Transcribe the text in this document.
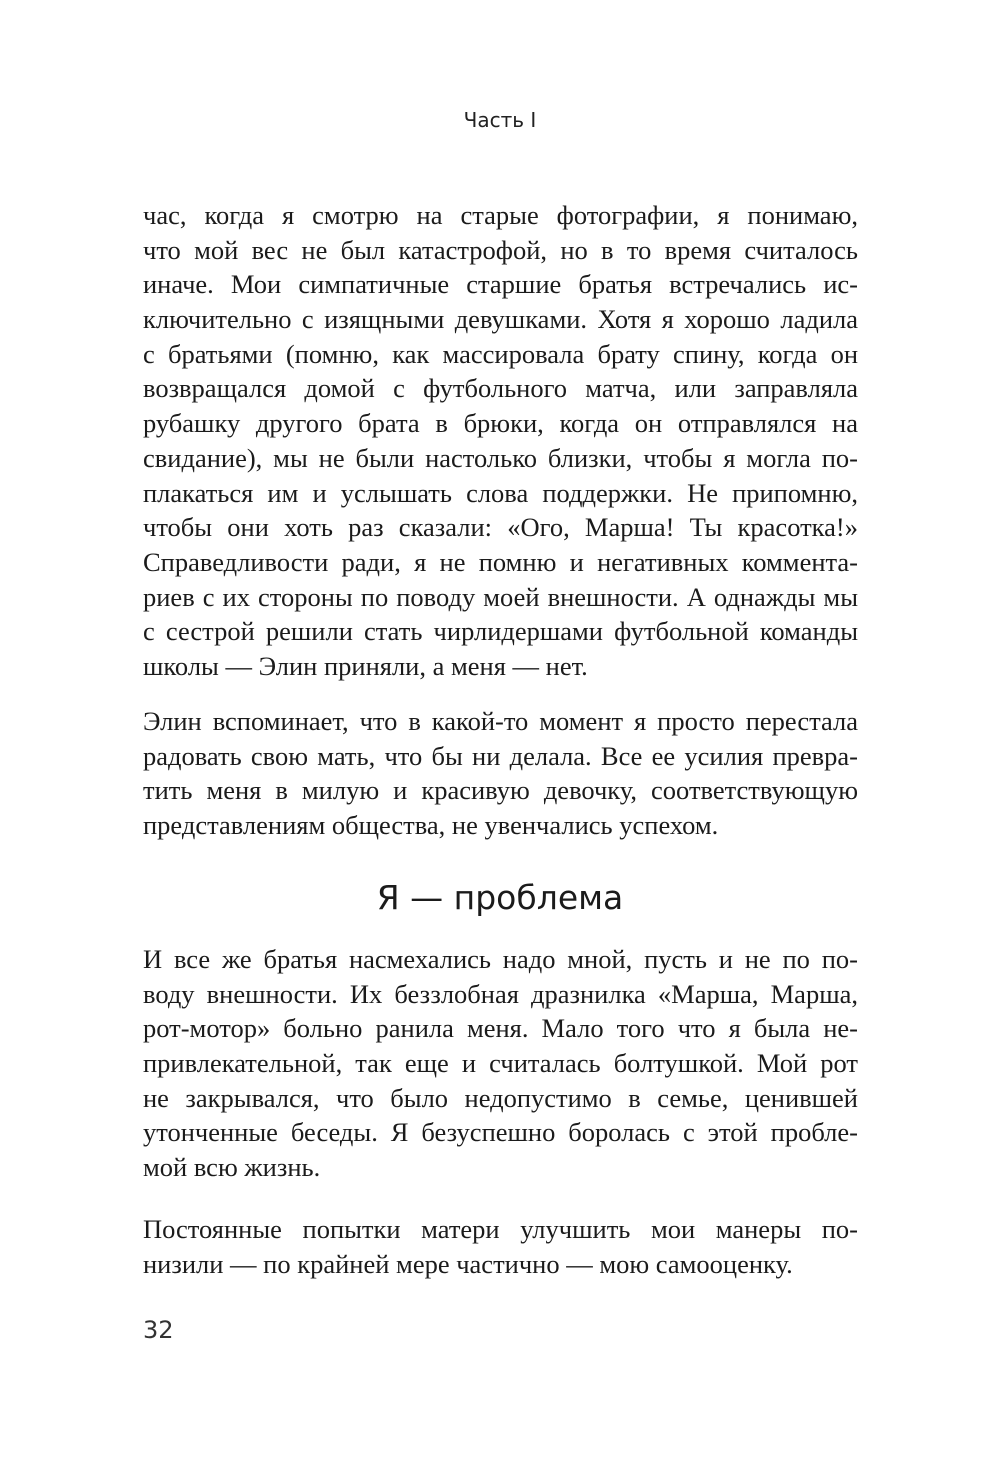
Часть I
час, когда я смотрю на старые фотографии, я понимаю,
что мой вес не был катастрофой, но в то время считалось
иначе. Мои симпатичные старшие братья встречались ис-
ключительно с изящными девушками. Хотя я хорошо ладила
с братьями (помню, как массировала брату спину, когда он
возвращался домой с футбольного матча, или заправляла
рубашку другого брата в брюки, когда он отправлялся на
свидание), мы не были настолько близки, чтобы я могла по-
плакаться им и услышать слова поддержки. Не припомню,
чтобы они хоть раз сказали: «Ого, Марша! Ты красотка!»
Справедливости ради, я не помню и негативных коммента-
риев с их стороны по поводу моей внешности. А однажды мы
с сестрой решили стать чирлидершами футбольной команды
школы — Элин приняли, а меня — нет.
Элин вспоминает, что в какой-то момент я просто перестала
радовать свою мать, что бы ни делала. Все ее усилия превра-
тить меня в милую и красивую девочку, соответствующую
представлениям общества, не увенчались успехом.
Я — проблема
И все же братья насмехались надо мной, пусть и не по по-
воду внешности. Их беззлобная дразнилка «Марша, Марша,
рот-мотор» больно ранила меня. Мало того что я была не-
привлекательной, так еще и считалась болтушкой. Мой рот
не закрывался, что было недопустимо в семье, ценившей
утонченные беседы. Я безуспешно боролась с этой пробле-
мой всю жизнь.
Постоянные попытки матери улучшить мои манеры по-
низили — по крайней мере частично — мою самооценку.
32
